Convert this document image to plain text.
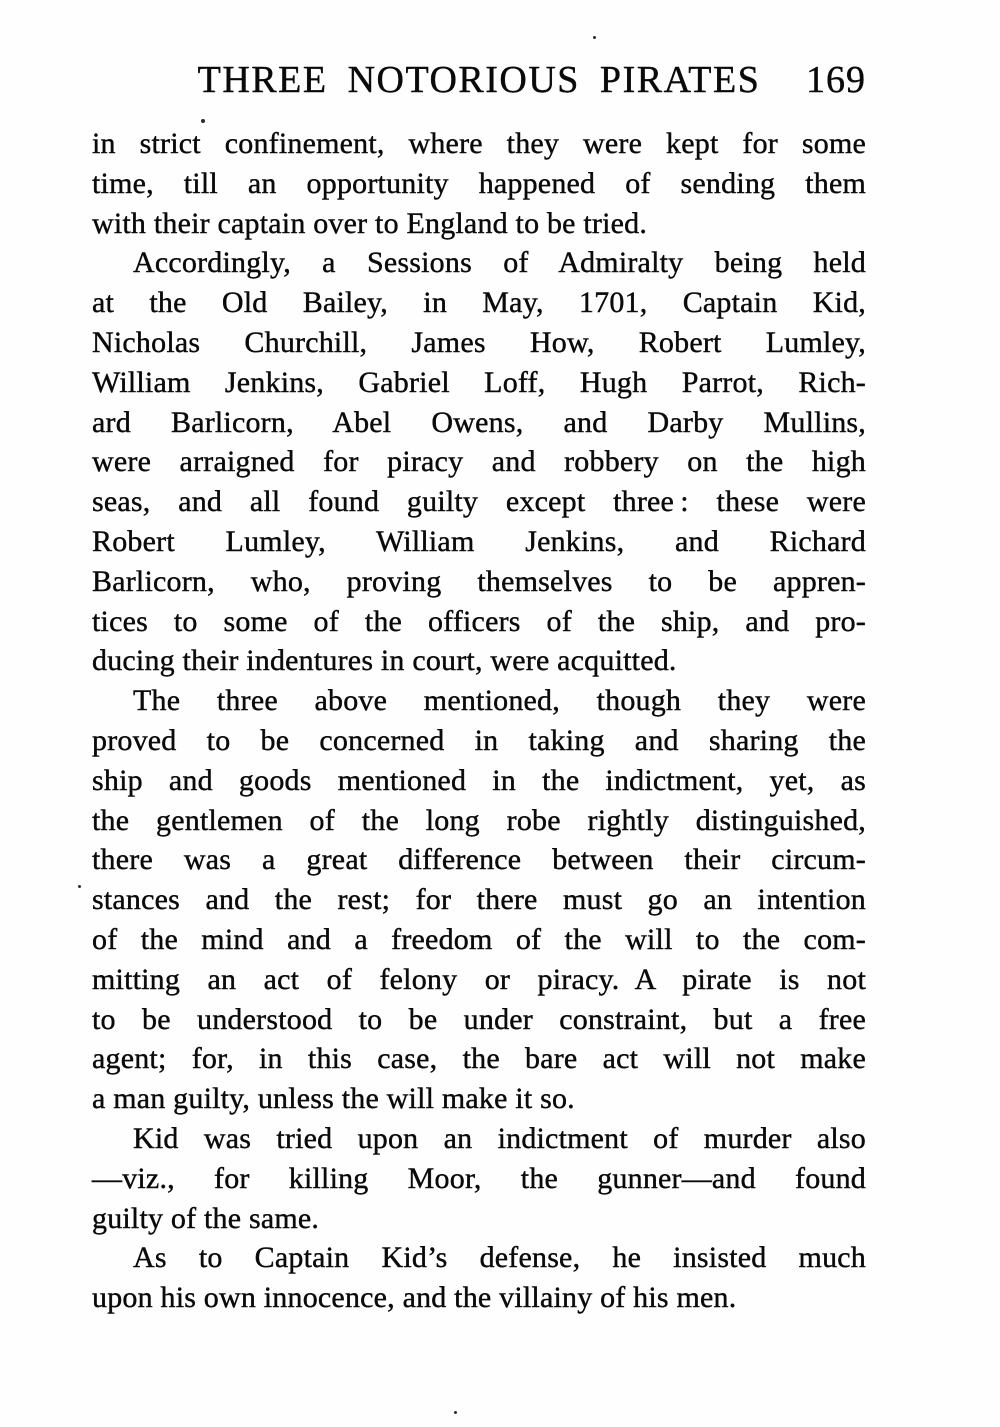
THREE NOTORIOUS PIRATES	169
in strict confinement, where they were kept for some
time, till an opportunity happened of sending them
with their captain over to England to be tried.
Accordingly, a Sessions of Admiralty being held
at the Old Bailey, in May, 1701, Captain Kid,
Nicholas Churchill, James How, Robert Lumley,
William Jenkins, Gabriel Loff, Hugh Parrot, Rich-
ard Barlicorn, Abel Owens, and Darby Mullins,
were arraigned for piracy and robbery on the high
seas, and all found guilty except three : these were
Robert Lumley, William Jenkins, and Richard
Barlicorn, who, proving themselves to be appren-
tices to some of the officers of the ship, and pro-
ducing their indentures in court, were acquitted.
The three above mentioned, though they were
proved to be concerned in taking and sharing the
ship and goods mentioned in the indictment, yet, as
the gentlemen of the long robe rightly distinguished,
there was a great difference between their circum-
stances and the rest; for there must go an intention
of the mind and a freedom of the will to the com-
mitting an act of felony or piracy. A pirate is not
to be understood to be under constraint, but a free
agent; for, in this case, the bare act will not make
a man guilty, unless the will make it so.
Kid was tried upon an indictment of murder also
—viz., for killing Moor, the gunner—and found
guilty of the same.
As to Captain Kid’s defense, he insisted much
upon his own innocence, and the villainy of his men.
